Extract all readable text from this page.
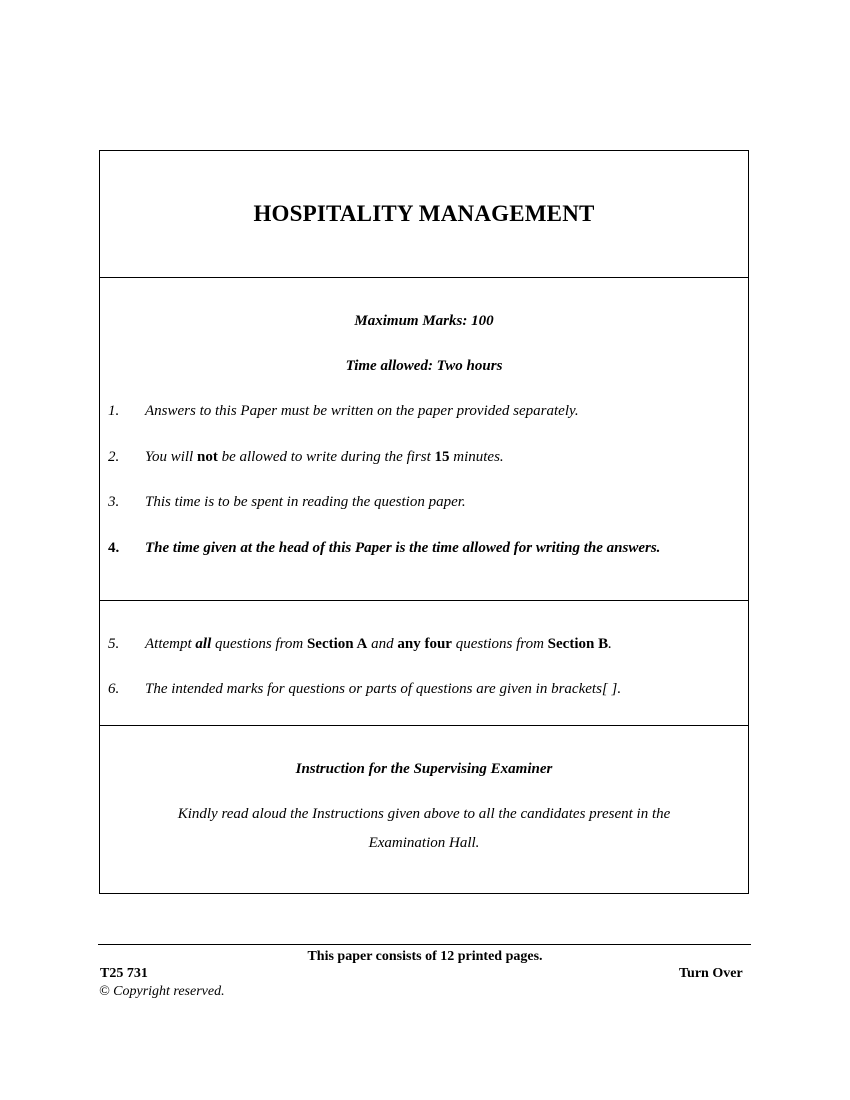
HOSPITALITY MANAGEMENT
Maximum Marks: 100
Time allowed: Two hours
1. Answers to this Paper must be written on the paper provided separately.
2. You will not be allowed to write during the first 15 minutes.
3. This time is to be spent in reading the question paper.
4. The time given at the head of this Paper is the time allowed for writing the answers.
5. Attempt all questions from Section A and any four questions from Section B.
6. The intended marks for questions or parts of questions are given in brackets[ ].
Instruction for the Supervising Examiner
Kindly read aloud the Instructions given above to all the candidates present in the
Examination Hall.
This paper consists of 12 printed pages.
T25 731	Turn Over
© Copyright reserved.
